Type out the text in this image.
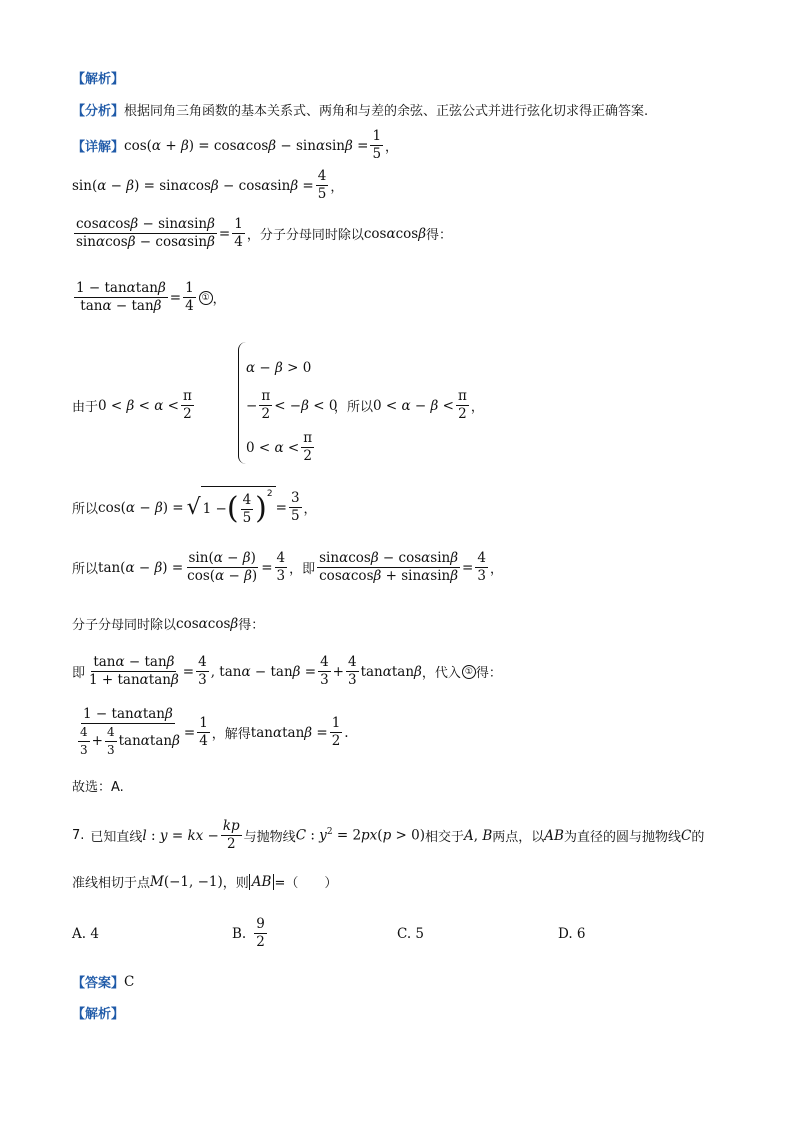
【解析】
【分析】 根据同角三角函数的基本关系式、两角和与差的余弦、正弦公式并进行弦化切求得正确答案.
【详解】 $\cos(\alpha + \beta) = \cos\alpha\cos\beta - \sin\alpha\sin\beta = \frac{1}{5}$ ，
$\sin(\alpha - \beta) = \sin\alpha\cos\beta - \cos\alpha\sin\beta = \frac{4}{5}$ ，
$\frac{\cos\alpha\cos\beta - \sin\alpha\sin\beta}{\sin\alpha\cos\beta - \cos\alpha\sin\beta} = \frac{1}{4}$ ，分子分母同时除以 cosαcosβ 得：
$\frac{1 - \tan\alpha\tan\beta}{\tan\alpha - \tan\beta} = \frac{1}{4}$ ① ，
α − β > 0
− $\frac{\pi}{2} < -\beta < 0$
$0 < \alpha < \frac{\pi}{2}$
由于 $0 < \beta < \alpha < \frac{\pi}{2}$	， 所以 $0 < \alpha - \beta < \frac{\pi}{2}$ ，
所以 cos(α − β) = √ 1 − ( $\frac{4}{5}$ ) 2
= $\frac{3}{5}$ ，
所以 $\tan(\alpha - \beta) = \frac{\sin(\alpha - \beta)}{\cos(\alpha - \beta)} = \frac{4}{3}$ ， 即 $\frac{\sin\alpha\cos\beta - \cos\alpha\sin\beta}{\cos\alpha\cos\beta + \sin\alpha\sin\beta} = \frac{4}{3}$ ，
分子分母同时除以 cosαcosβ 得：
即 $\frac{\tan\alpha - \tan\beta}{1 + \tan\alpha\tan\beta} = \frac{4}{3}$ , $\tan\alpha - \tan\beta = \frac{4}{3} + \frac{4}{3}$ tanαtanβ ，代入 ① 得：
$\frac{1 - \tan\alpha\tan\beta}{\frac{4}{3} + \frac{4}{3} \tan\alpha\tan\beta} = \frac{1}{4}$ ，解得 $\tan\alpha\tan\beta = \frac{1}{2}$ .
故选：A.
7. 已知直线 l : y = kx − $\frac{kp}{2}$ 与抛物线 C : $y^2 = 2px(p > 0)$ 相交于 A, B 两点，以 AB 为直径的圆与抛物线 C 的
准线相切于点 M(−1, −1) ，则 AB =（　　）
A. 4	B. $\frac{9}{2}$	C. 5	D. 6
【答案】 C
【解析】
